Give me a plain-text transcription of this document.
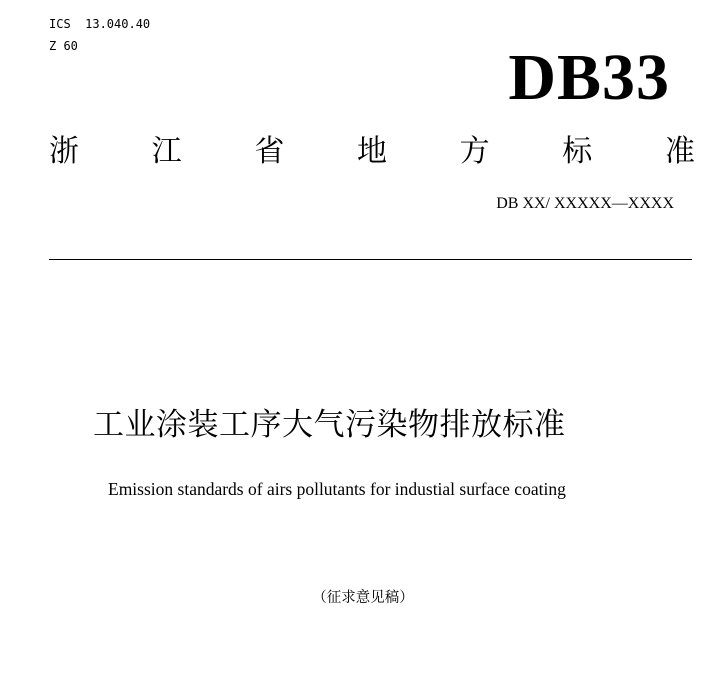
ICS  13.040.40
Z 60	DB33
浙 江 省 地 方 标 准
DB XX/ XXXXX—XXXX
工业涂装工序大气污染物排放标准
Emission standards of airs pollutants for industial surface coating
（征求意见稿）
